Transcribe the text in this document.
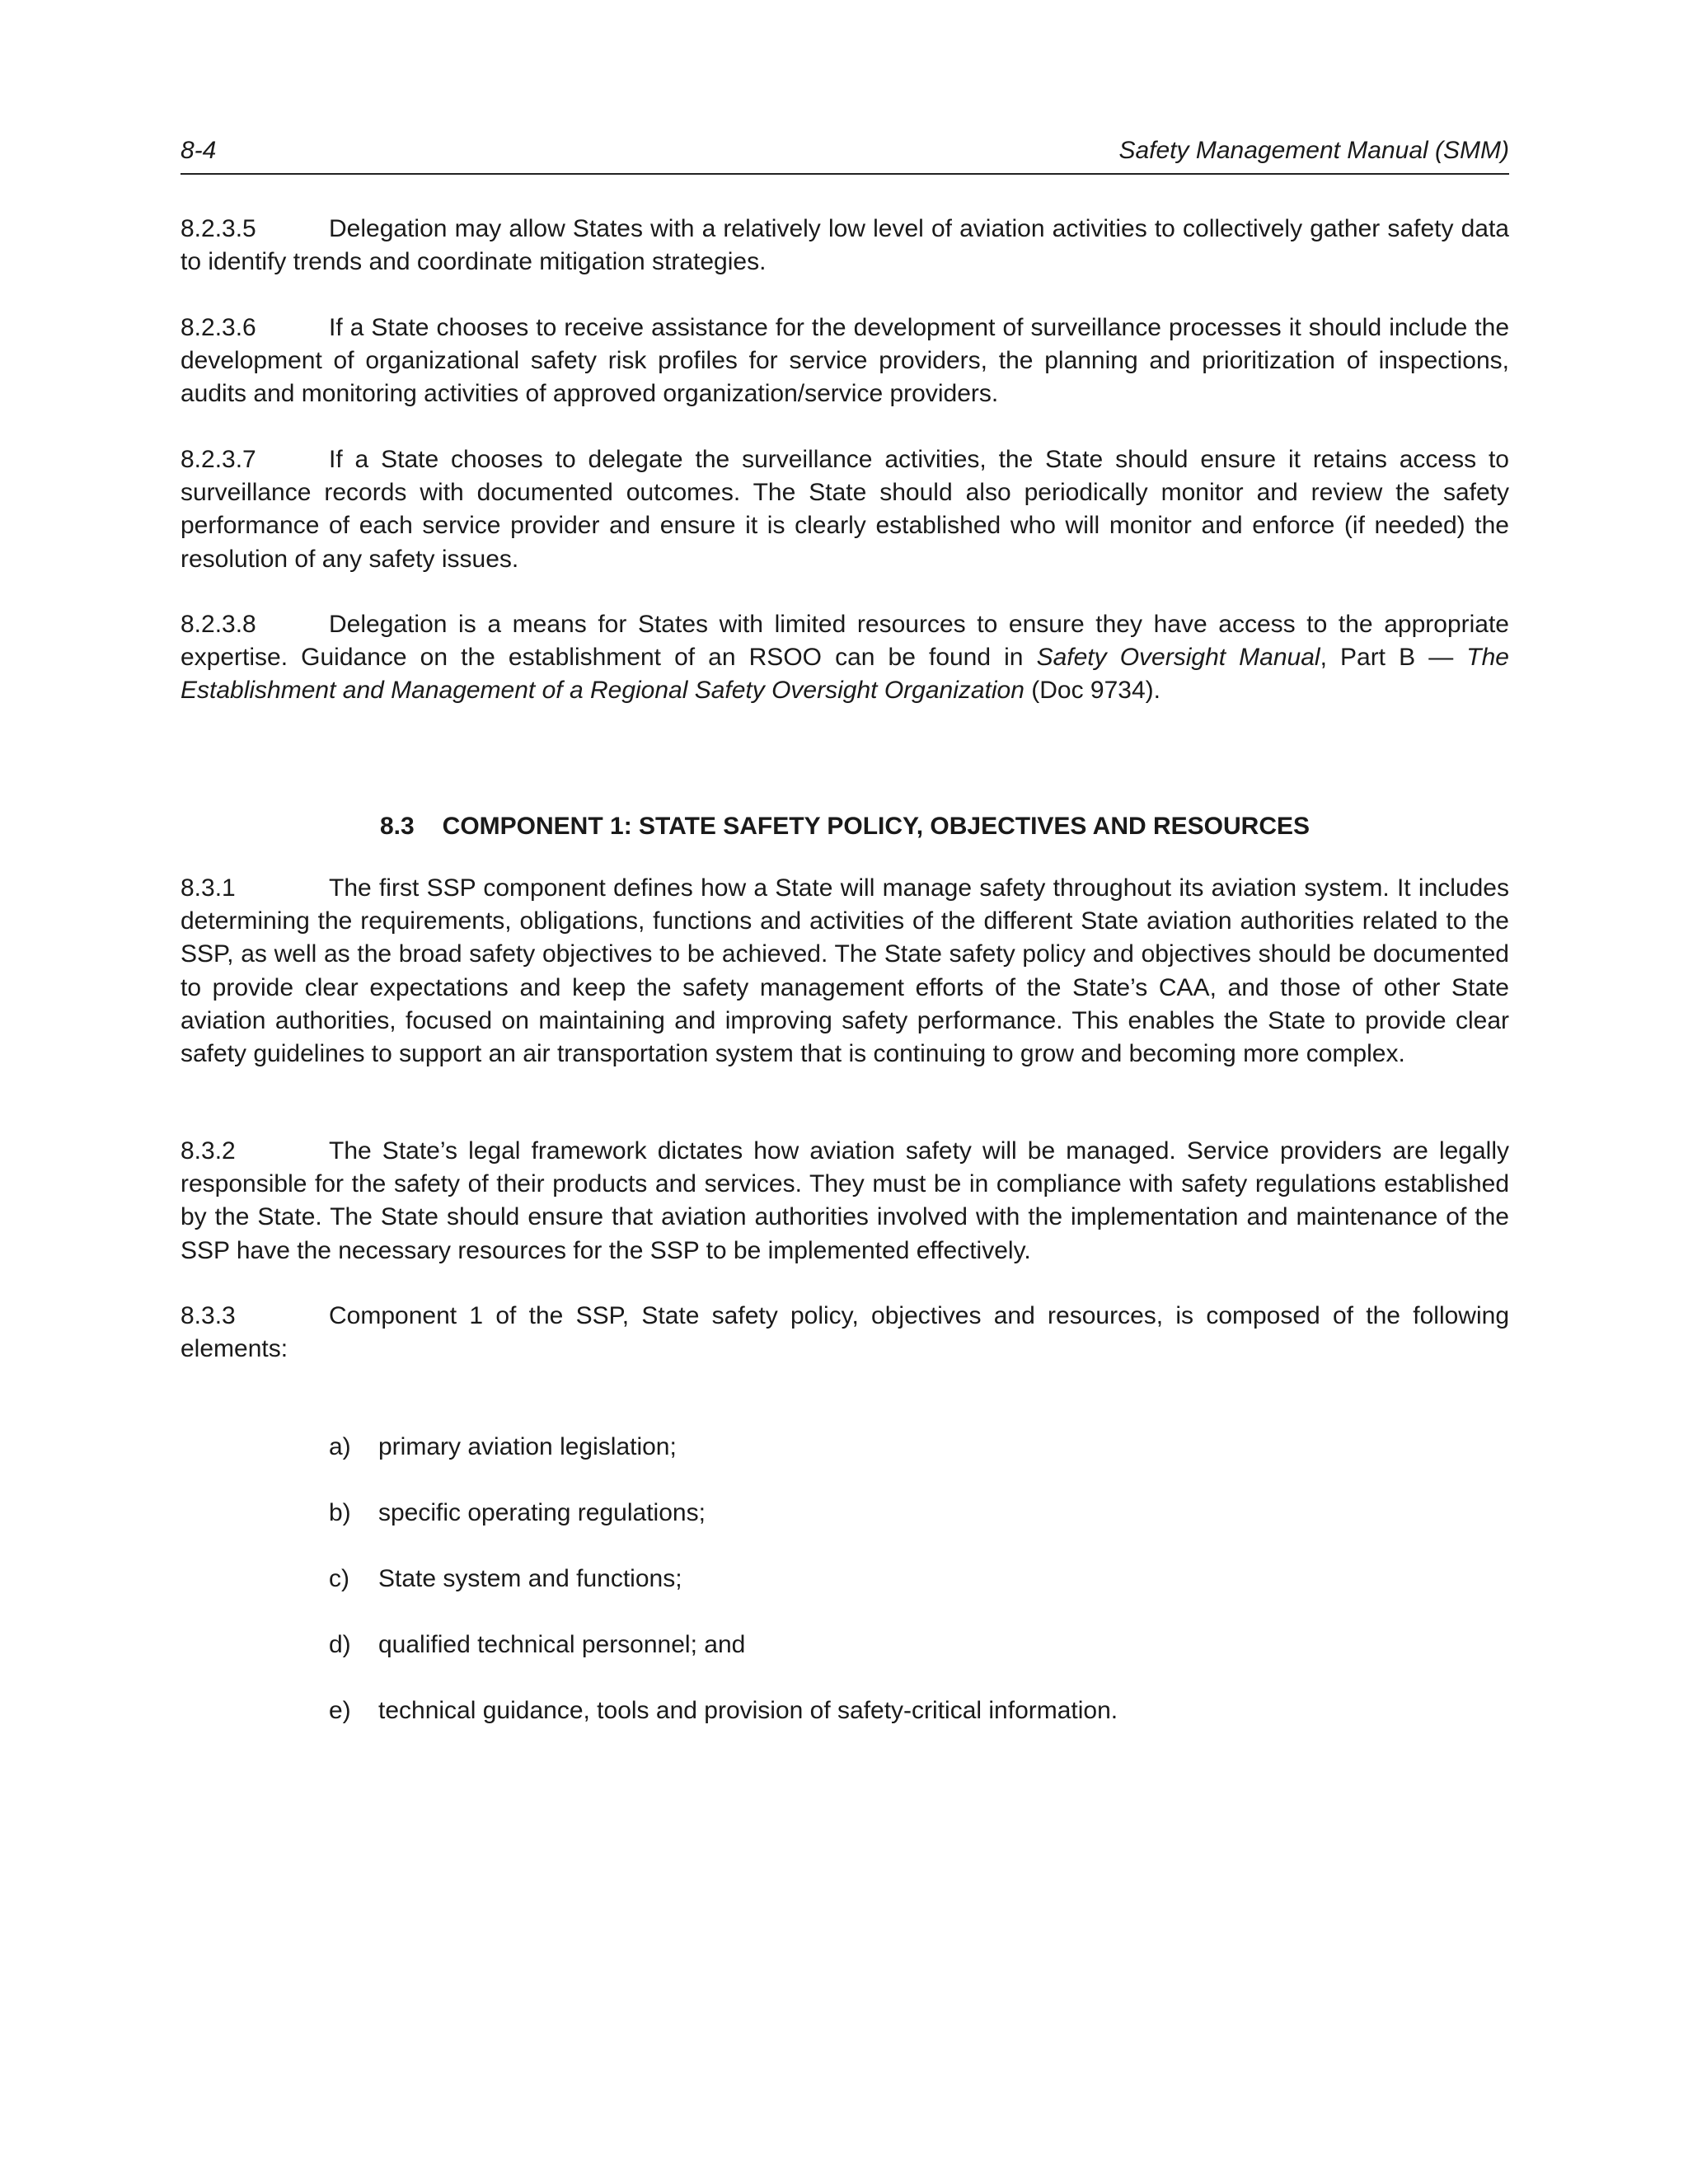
8-4	Safety Management Manual (SMM)
8.2.3.5	Delegation may allow States with a relatively low level of aviation activities to collectively gather safety data to identify trends and coordinate mitigation strategies.
8.2.3.6	If a State chooses to receive assistance for the development of surveillance processes it should include the development of organizational safety risk profiles for service providers, the planning and prioritization of inspections, audits and monitoring activities of approved organization/service providers.
8.2.3.7	If a State chooses to delegate the surveillance activities, the State should ensure it retains access to surveillance records with documented outcomes. The State should also periodically monitor and review the safety performance of each service provider and ensure it is clearly established who will monitor and enforce (if needed) the resolution of any safety issues.
8.2.3.8	Delegation is a means for States with limited resources to ensure they have access to the appropriate expertise. Guidance on the establishment of an RSOO can be found in Safety Oversight Manual, Part B — The Establishment and Management of a Regional Safety Oversight Organization (Doc 9734).
8.3 COMPONENT 1: STATE SAFETY POLICY, OBJECTIVES AND RESOURCES
8.3.1	The first SSP component defines how a State will manage safety throughout its aviation system. It includes determining the requirements, obligations, functions and activities of the different State aviation authorities related to the SSP, as well as the broad safety objectives to be achieved. The State safety policy and objectives should be documented to provide clear expectations and keep the safety management efforts of the State’s CAA, and those of other State aviation authorities, focused on maintaining and improving safety performance. This enables the State to provide clear safety guidelines to support an air transportation system that is continuing to grow and becoming more complex.
8.3.2	The State’s legal framework dictates how aviation safety will be managed. Service providers are legally responsible for the safety of their products and services. They must be in compliance with safety regulations established by the State. The State should ensure that aviation authorities involved with the implementation and maintenance of the SSP have the necessary resources for the SSP to be implemented effectively.
8.3.3	Component 1 of the SSP, State safety policy, objectives and resources, is composed of the following elements:
a) primary aviation legislation;
b) specific operating regulations;
c) State system and functions;
d) qualified technical personnel; and
e) technical guidance, tools and provision of safety-critical information.
